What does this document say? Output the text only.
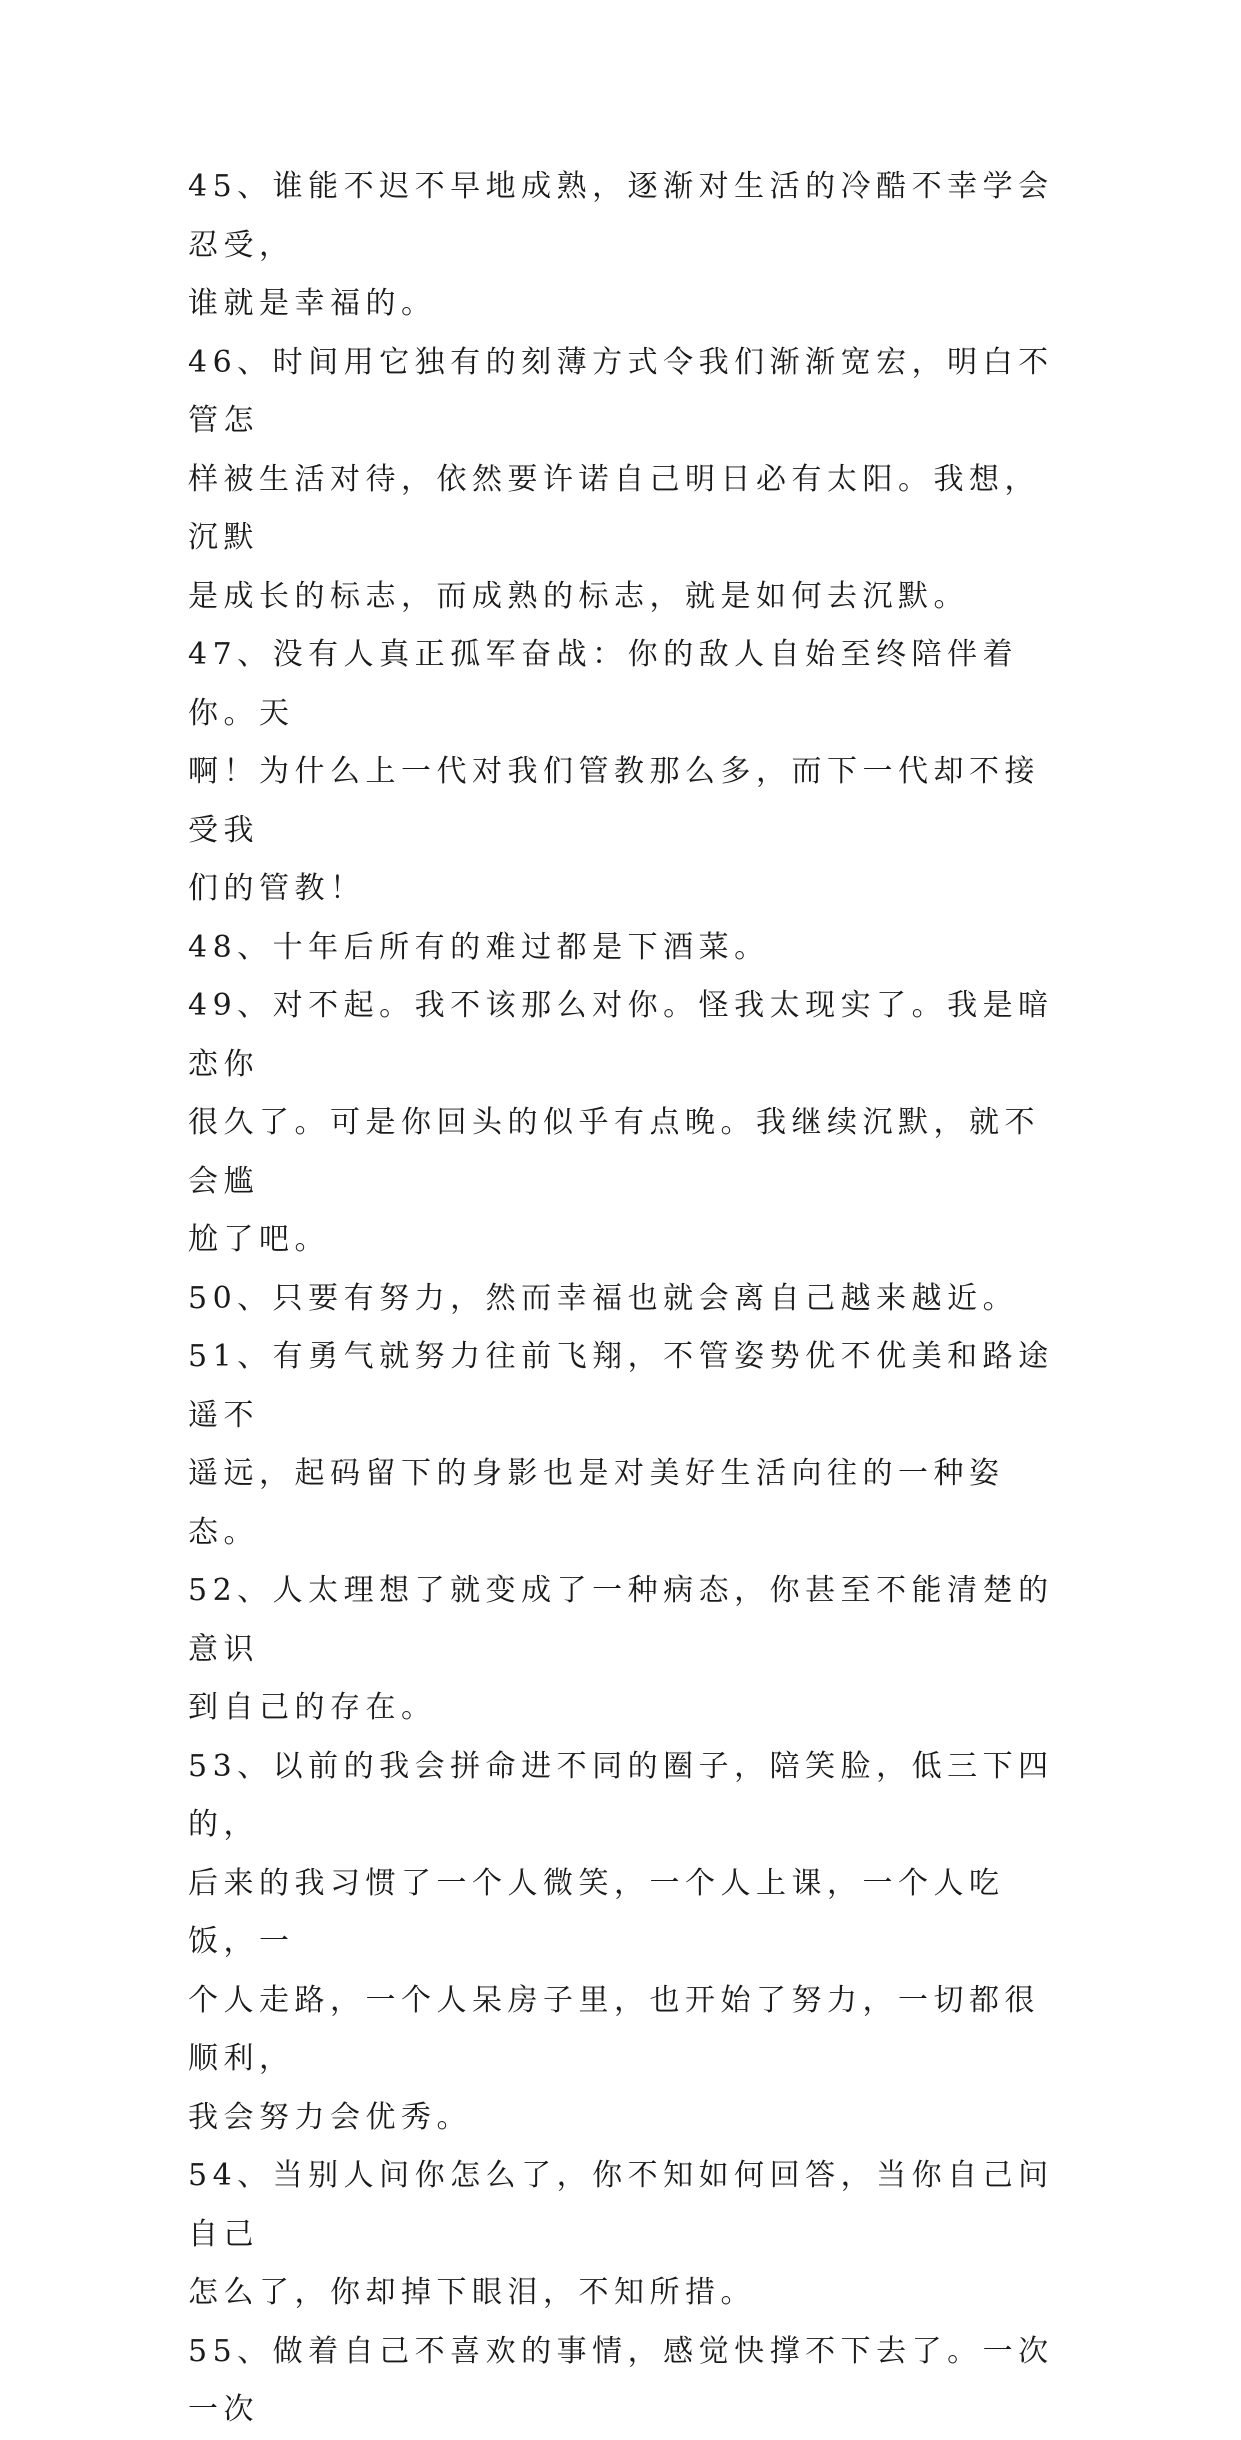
45、谁能不迟不早地成熟，逐渐对生活的冷酷不幸学会忍受，
谁就是幸福的。

46、时间用它独有的刻薄方式令我们渐渐宽宏，明白不管怎
样被生活对待，依然要许诺自己明日必有太阳。我想，沉默
是成长的标志，而成熟的标志，就是如何去沉默。

47、没有人真正孤军奋战：你的敌人自始至终陪伴着你。天
啊！为什么上一代对我们管教那么多，而下一代却不接受我
们的管教！

48、十年后所有的难过都是下酒菜。

49、对不起。我不该那么对你。怪我太现实了。我是暗恋你
很久了。可是你回头的似乎有点晚。我继续沉默，就不会尴
尬了吧。

50、只要有努力，然而幸福也就会离自己越来越近。

51、有勇气就努力往前飞翔，不管姿势优不优美和路途遥不
遥远，起码留下的身影也是对美好生活向往的一种姿态。

52、人太理想了就变成了一种病态，你甚至不能清楚的意识
到自己的存在。

53、以前的我会拼命进不同的圈子，陪笑脸，低三下四的，
后来的我习惯了一个人微笑，一个人上课，一个人吃饭，一
个人走路，一个人呆房子里，也开始了努力，一切都很顺利，
我会努力会优秀。

54、当别人问你怎么了，你不知如何回答，当你自己问自己
怎么了，你却掉下眼泪，不知所措。

55、做着自己不喜欢的事情，感觉快撑不下去了。一次一次
